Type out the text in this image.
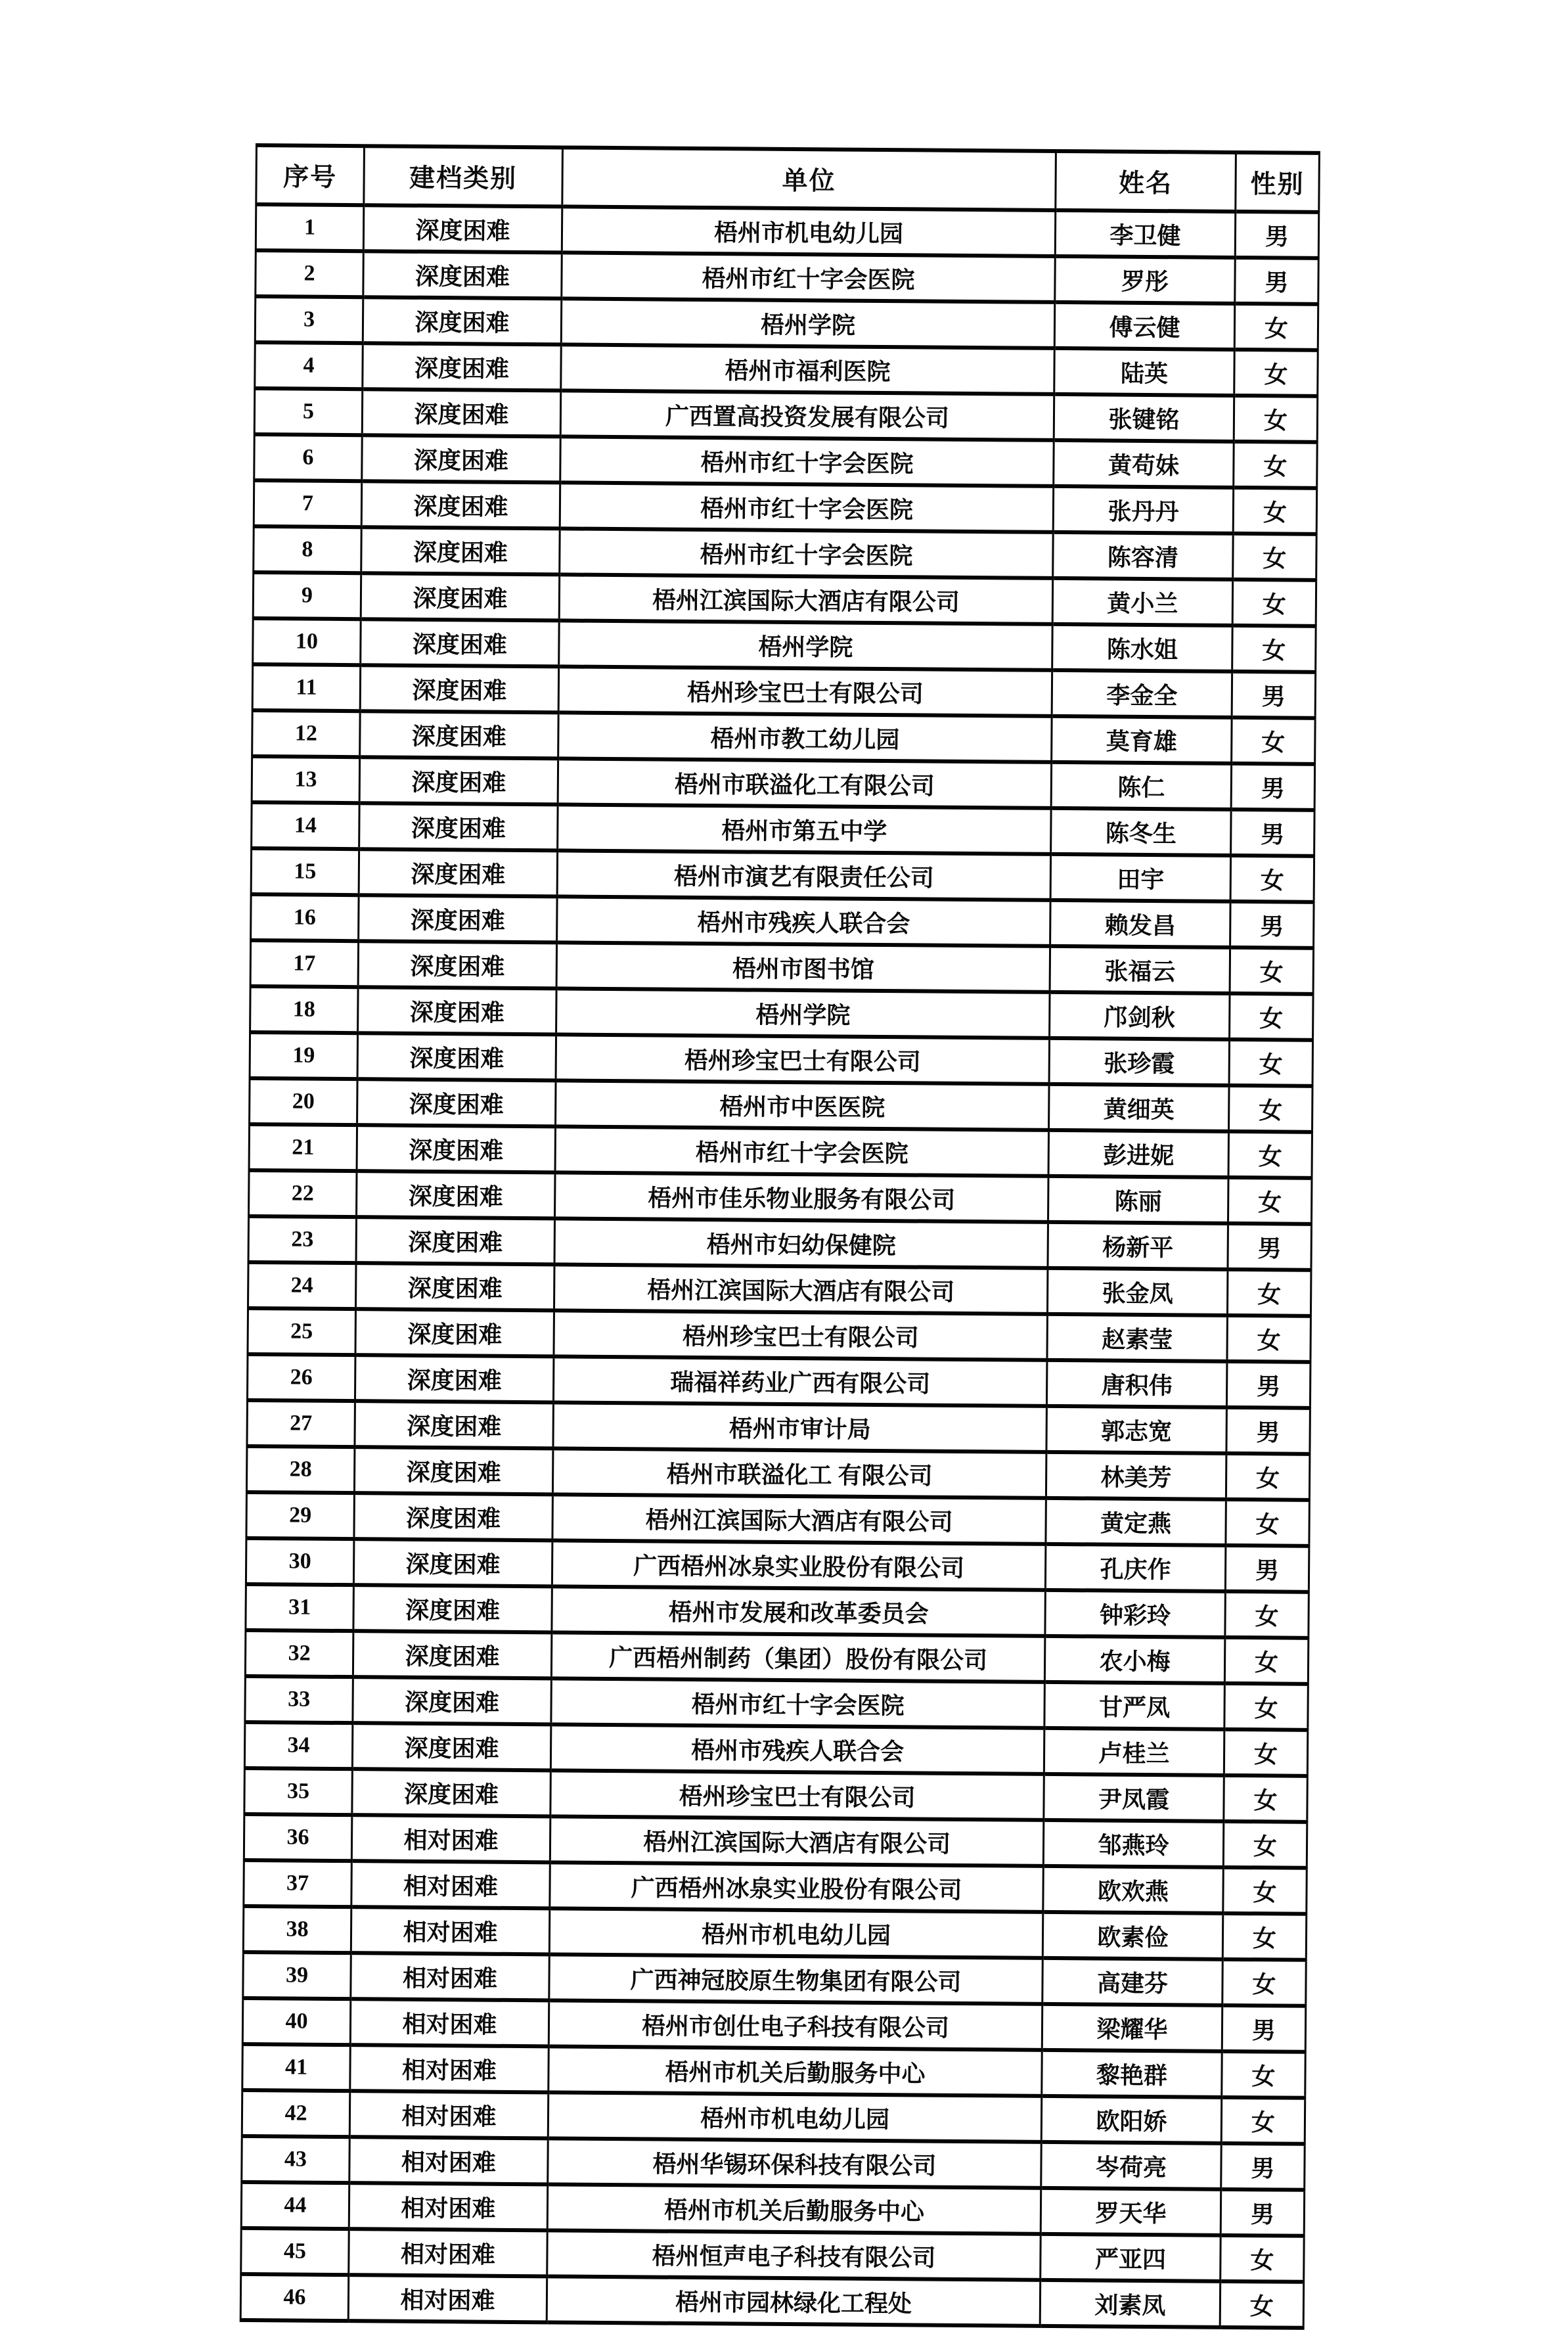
序号	建档类别	单位	姓名	性别
1	深度困难	梧州市机电幼儿园	李卫健	男
2	深度困难	梧州市红十字会医院	罗彤	男
3	深度困难	梧州学院	傅云健	女
4	深度困难	梧州市福利医院	陆英	女
5	深度困难	广西置高投资发展有限公司	张键铭	女
6	深度困难	梧州市红十字会医院	黄苟妹	女
7	深度困难	梧州市红十字会医院	张丹丹	女
8	深度困难	梧州市红十字会医院	陈容清	女
9	深度困难	梧州江滨国际大酒店有限公司	黄小兰	女
10	深度困难	梧州学院	陈水姐	女
11	深度困难	梧州珍宝巴士有限公司	李金全	男
12	深度困难	梧州市教工幼儿园	莫育雄	女
13	深度困难	梧州市联溢化工有限公司	陈仁	男
14	深度困难	梧州市第五中学	陈冬生	男
15	深度困难	梧州市演艺有限责任公司	田宇	女
16	深度困难	梧州市残疾人联合会	赖发昌	男
17	深度困难	梧州市图书馆	张福云	女
18	深度困难	梧州学院	邝剑秋	女
19	深度困难	梧州珍宝巴士有限公司	张珍霞	女
20	深度困难	梧州市中医医院	黄细英	女
21	深度困难	梧州市红十字会医院	彭进妮	女
22	深度困难	梧州市佳乐物业服务有限公司	陈丽	女
23	深度困难	梧州市妇幼保健院	杨新平	男
24	深度困难	梧州江滨国际大酒店有限公司	张金凤	女
25	深度困难	梧州珍宝巴士有限公司	赵素莹	女
26	深度困难	瑞福祥药业广西有限公司	唐积伟	男
27	深度困难	梧州市审计局	郭志宽	男
28	深度困难	梧州市联溢化工 有限公司	林美芳	女
29	深度困难	梧州江滨国际大酒店有限公司	黄定燕	女
30	深度困难	广西梧州冰泉实业股份有限公司	孔庆作	男
31	深度困难	梧州市发展和改革委员会	钟彩玲	女
32	深度困难	广西梧州制药（集团）股份有限公司	农小梅	女
33	深度困难	梧州市红十字会医院	甘严凤	女
34	深度困难	梧州市残疾人联合会	卢桂兰	女
35	深度困难	梧州珍宝巴士有限公司	尹凤霞	女
36	相对困难	梧州江滨国际大酒店有限公司	邹燕玲	女
37	相对困难	广西梧州冰泉实业股份有限公司	欧欢燕	女
38	相对困难	梧州市机电幼儿园	欧素俭	女
39	相对困难	广西神冠胶原生物集团有限公司	高建芬	女
40	相对困难	梧州市创仕电子科技有限公司	梁耀华	男
41	相对困难	梧州市机关后勤服务中心	黎艳群	女
42	相对困难	梧州市机电幼儿园	欧阳娇	女
43	相对困难	梧州华锡环保科技有限公司	岑荷亮	男
44	相对困难	梧州市机关后勤服务中心	罗天华	男
45	相对困难	梧州恒声电子科技有限公司	严亚四	女
46	相对困难	梧州市园林绿化工程处	刘素凤	女
